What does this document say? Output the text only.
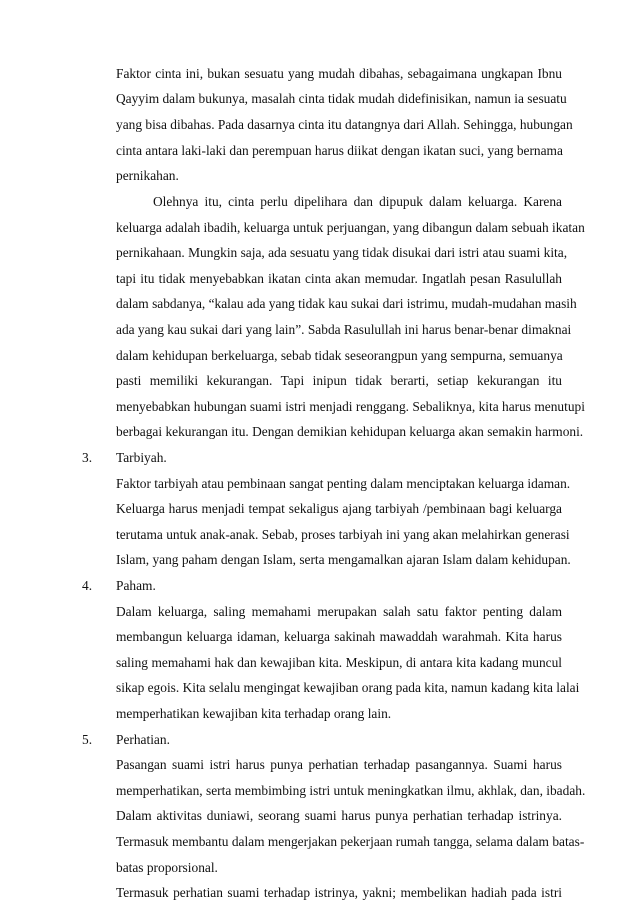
Faktor cinta ini, bukan sesuatu yang mudah dibahas, sebagaimana ungkapan Ibnu
Qayyim dalam bukunya, masalah cinta tidak mudah didefinisikan, namun ia sesuatu
yang bisa dibahas. Pada dasarnya cinta itu datangnya dari Allah. Sehingga, hubungan
cinta antara laki-laki dan perempuan harus diikat dengan ikatan suci, yang bernama
pernikahan.
Olehnya itu, cinta perlu dipelihara dan dipupuk dalam keluarga. Karena
keluarga adalah ibadih, keluarga untuk perjuangan, yang dibangun dalam sebuah ikatan
pernikahaan. Mungkin saja, ada sesuatu yang tidak disukai dari istri atau suami kita,
tapi itu tidak menyebabkan ikatan cinta akan memudar. Ingatlah pesan Rasulullah
dalam sabdanya, “kalau ada yang tidak kau sukai dari istrimu, mudah-mudahan masih
ada yang kau sukai dari yang lain”. Sabda Rasulullah ini harus benar-benar dimaknai
dalam kehidupan berkeluarga, sebab tidak seseorangpun yang sempurna, semuanya
pasti memiliki kekurangan. Tapi inipun tidak berarti, setiap kekurangan itu
menyebabkan hubungan suami istri menjadi renggang. Sebaliknya, kita harus menutupi
berbagai kekurangan itu. Dengan demikian kehidupan keluarga akan semakin harmoni.
3.	Tarbiyah.
Faktor tarbiyah atau pembinaan sangat penting dalam menciptakan keluarga idaman.
Keluarga harus menjadi tempat sekaligus ajang tarbiyah /pembinaan bagi keluarga
terutama untuk anak-anak. Sebab, proses tarbiyah ini yang akan melahirkan generasi
Islam, yang paham dengan Islam, serta mengamalkan ajaran Islam dalam kehidupan.
4.	Paham.
Dalam keluarga, saling memahami merupakan salah satu faktor penting dalam
membangun keluarga idaman, keluarga sakinah mawaddah warahmah. Kita harus
saling memahami hak dan kewajiban kita. Meskipun, di antara kita kadang muncul
sikap egois. Kita selalu mengingat kewajiban orang pada kita, namun kadang kita lalai
memperhatikan kewajiban kita terhadap orang lain.
5.	Perhatian.
Pasangan suami istri harus punya perhatian terhadap pasangannya. Suami harus
memperhatikan, serta membimbing istri untuk meningkatkan ilmu, akhlak, dan, ibadah.
Dalam aktivitas duniawi, seorang suami harus punya perhatian terhadap istrinya.
Termasuk membantu dalam mengerjakan pekerjaan rumah tangga, selama dalam batas-
batas proporsional.
Termasuk perhatian suami terhadap istrinya, yakni; membelikan hadiah pada istri
